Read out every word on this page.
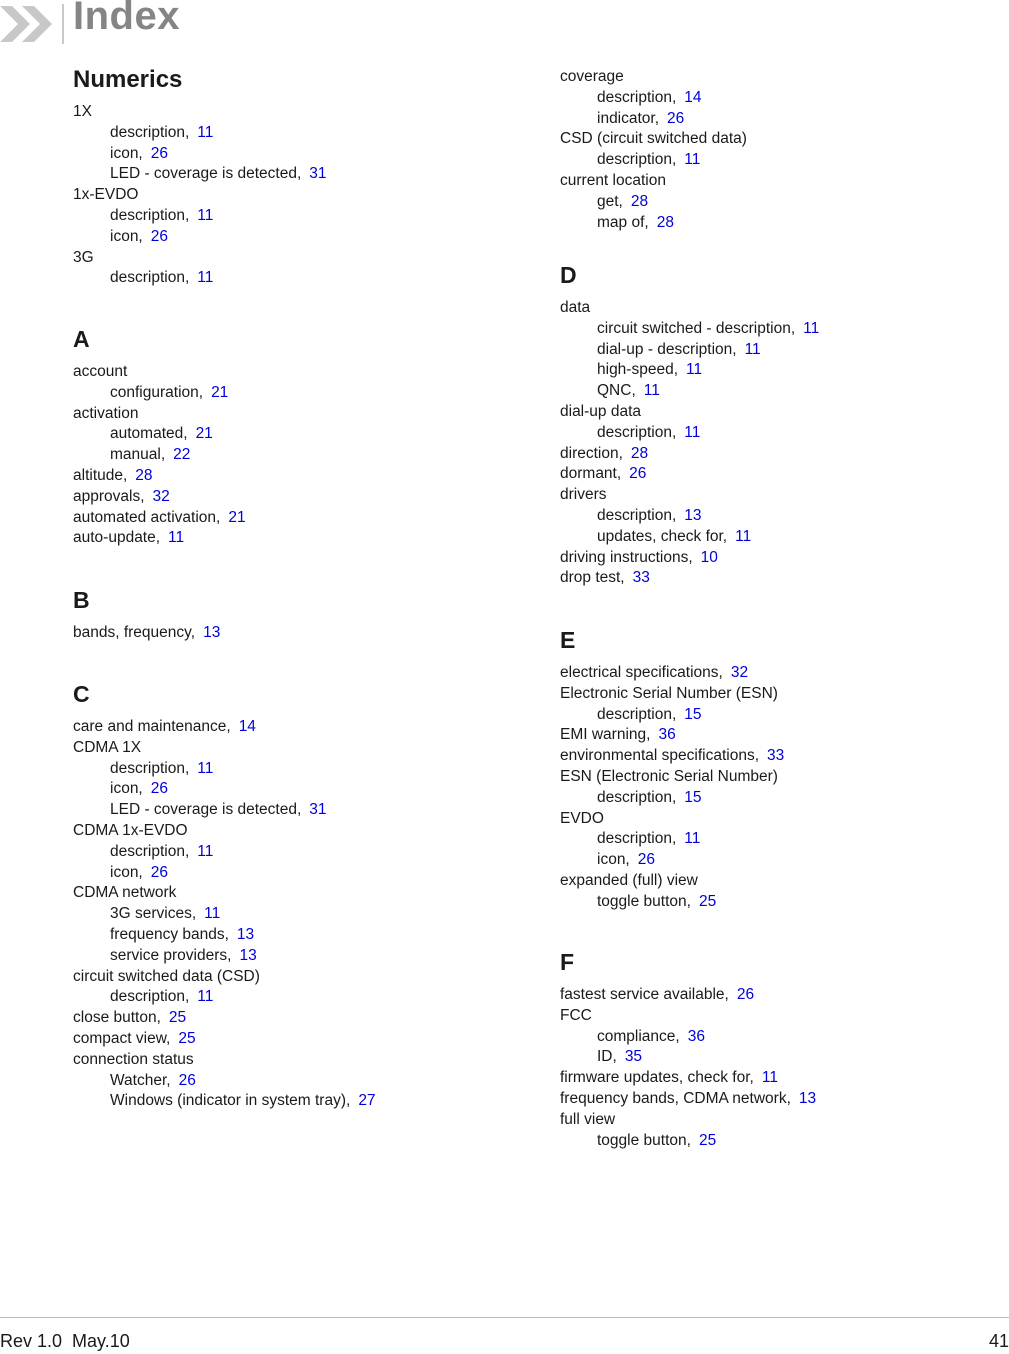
Index
Numerics
1X
description, 11
icon, 26
LED - coverage is detected, 31
1x-EVDO
description, 11
icon, 26
3G
description, 11
A
account
configuration, 21
activation
automated, 21
manual, 22
altitude, 28
approvals, 32
automated activation, 21
auto-update, 11
B
bands, frequency, 13
C
care and maintenance, 14
CDMA 1X
description, 11
icon, 26
LED - coverage is detected, 31
CDMA 1x-EVDO
description, 11
icon, 26
CDMA network
3G services, 11
frequency bands, 13
service providers, 13
circuit switched data (CSD)
description, 11
close button, 25
compact view, 25
connection status
Watcher, 26
Windows (indicator in system tray), 27
coverage
description, 14
indicator, 26
CSD (circuit switched data)
description, 11
current location
get, 28
map of, 28
D
data
circuit switched - description, 11
dial-up - description, 11
high-speed, 11
QNC, 11
dial-up data
description, 11
direction, 28
dormant, 26
drivers
description, 13
updates, check for, 11
driving instructions, 10
drop test, 33
E
electrical specifications, 32
Electronic Serial Number (ESN)
description, 15
EMI warning, 36
environmental specifications, 33
ESN (Electronic Serial Number)
description, 15
EVDO
description, 11
icon, 26
expanded (full) view
toggle button, 25
F
fastest service available, 26
FCC
compliance, 36
ID, 35
firmware updates, check for, 11
frequency bands, CDMA network, 13
full view
toggle button, 25
Rev 1.0  May.10	41
